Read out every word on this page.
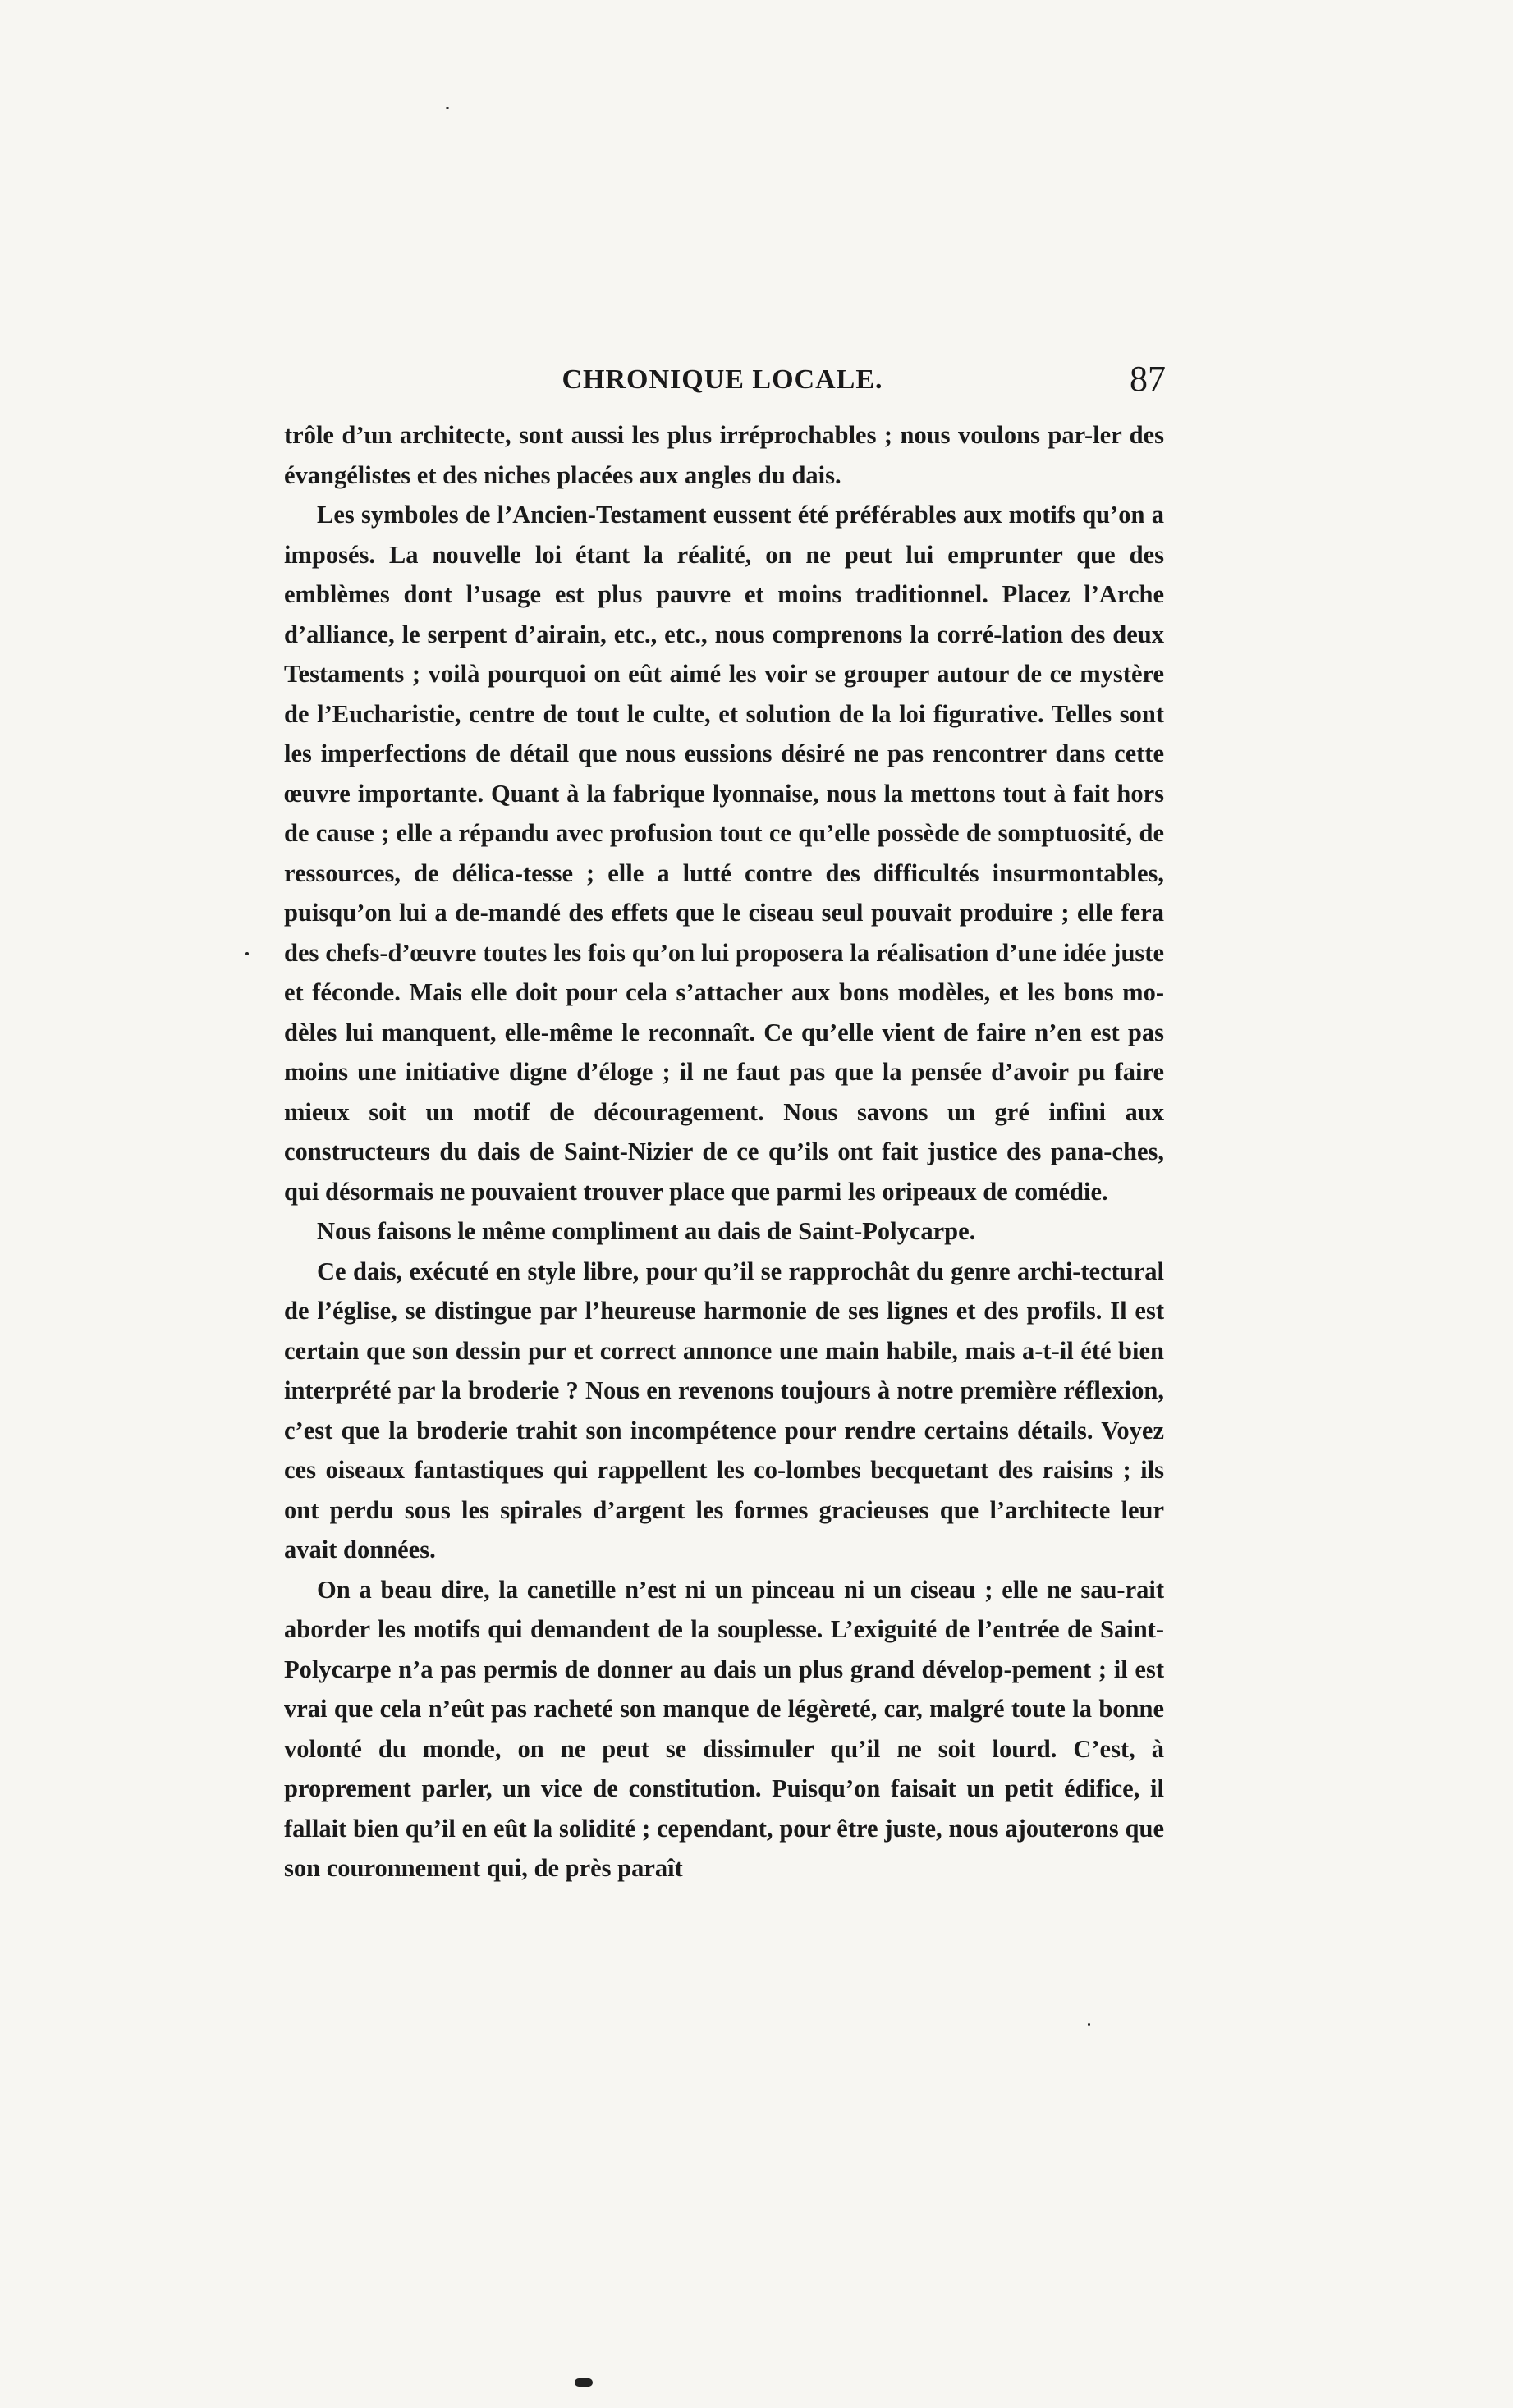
CHRONIQUE LOCALE.	87

trôle d’un architecte, sont aussi les plus irréprochables ; nous voulons par-ler des évangélistes et des niches placées aux angles du dais.

Les symboles de l’Ancien-Testament eussent été préférables aux motifs qu’on a imposés. La nouvelle loi étant la réalité, on ne peut lui emprunter que des emblèmes dont l’usage est plus pauvre et moins traditionnel. Placez l’Arche d’alliance, le serpent d’airain, etc., etc., nous comprenons la corré-lation des deux Testaments ; voilà pourquoi on eût aimé les voir se grouper autour de ce mystère de l’Eucharistie, centre de tout le culte, et solution de la loi figurative. Telles sont les imperfections de détail que nous eussions désiré ne pas rencontrer dans cette œuvre importante. Quant à la fabrique lyonnaise, nous la mettons tout à fait hors de cause ; elle a répandu avec profusion tout ce qu’elle possède de somptuosité, de ressources, de délica-tesse ; elle a lutté contre des difficultés insurmontables, puisqu’on lui a de-mandé des effets que le ciseau seul pouvait produire ; elle fera des chefs-d’œuvre toutes les fois qu’on lui proposera la réalisation d’une idée juste et féconde. Mais elle doit pour cela s’attacher aux bons modèles, et les bons mo-dèles lui manquent, elle-même le reconnaît. Ce qu’elle vient de faire n’en est pas moins une initiative digne d’éloge ; il ne faut pas que la pensée d’avoir pu faire mieux soit un motif de découragement. Nous savons un gré infini aux constructeurs du dais de Saint-Nizier de ce qu’ils ont fait justice des pana-ches, qui désormais ne pouvaient trouver place que parmi les oripeaux de comédie.

Nous faisons le même compliment au dais de Saint-Polycarpe.

Ce dais, exécuté en style libre, pour qu’il se rapprochât du genre archi-tectural de l’église, se distingue par l’heureuse harmonie de ses lignes et des profils. Il est certain que son dessin pur et correct annonce une main habile, mais a-t-il été bien interprété par la broderie ? Nous en revenons toujours à notre première réflexion, c’est que la broderie trahit son incompétence pour rendre certains détails. Voyez ces oiseaux fantastiques qui rappellent les co-lombes becquetant des raisins ; ils ont perdu sous les spirales d’argent les formes gracieuses que l’architecte leur avait données.

On a beau dire, la canetille n’est ni un pinceau ni un ciseau ; elle ne sau-rait aborder les motifs qui demandent de la souplesse. L’exiguité de l’entrée de Saint-Polycarpe n’a pas permis de donner au dais un plus grand dévelop-pement ; il est vrai que cela n’eût pas racheté son manque de légèreté, car, malgré toute la bonne volonté du monde, on ne peut se dissimuler qu’il ne soit lourd. C’est, à proprement parler, un vice de constitution. Puisqu’on faisait un petit édifice, il fallait bien qu’il en eût la solidité ; cependant, pour être juste, nous ajouterons que son couronnement qui, de près paraît
